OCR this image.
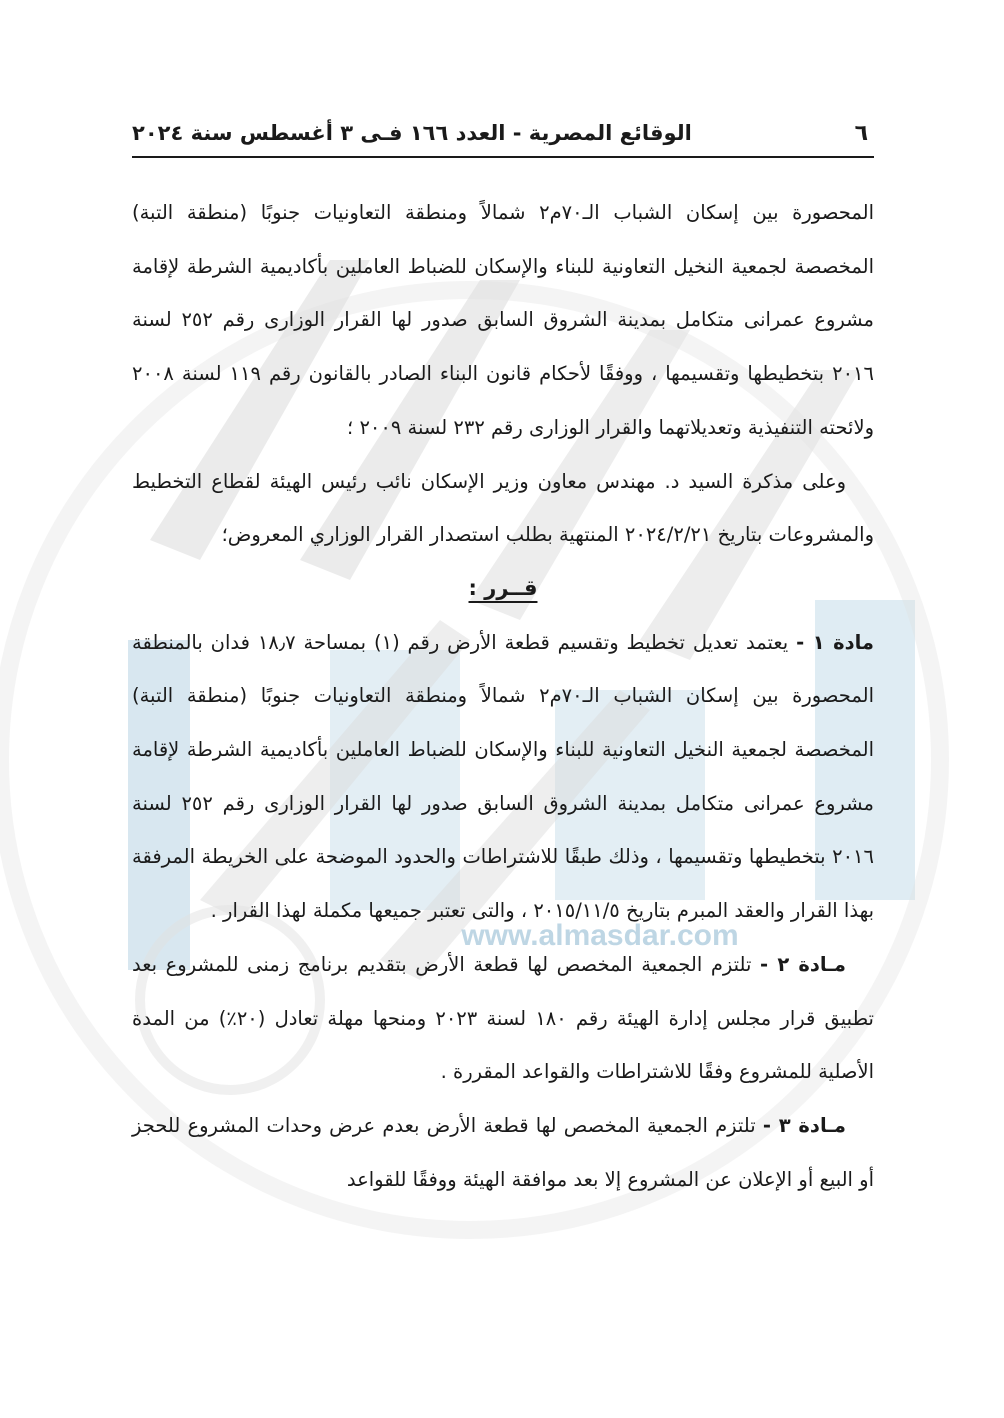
www.almasdar.com
٦
الوقائع المصرية - العدد ١٦٦ فـى ٣ أغسطس سنة ٢٠٢٤

المحصورة بين إسكان الشباب الـ٧٠م٢ شمالاً ومنطقة التعاونيات جنوبًا (منطقة التبة) المخصصة لجمعية النخيل التعاونية للبناء والإسكان للضباط العاملين بأكاديمية الشرطة لإقامة مشروع عمرانى متكامل بمدينة الشروق السابق صدور لها القرار الوزارى رقم ٢٥٢ لسنة ٢٠١٦ بتخطيطها وتقسيمها ، ووفقًا لأحكام قانون البناء الصادر بالقانون رقم ١١٩ لسنة ٢٠٠٨ ولائحته التنفيذية وتعديلاتهما والقرار الوزارى رقم ٢٣٢ لسنة ٢٠٠٩ ؛

وعلى مذكرة السيد د. مهندس معاون وزير الإسكان نائب رئيس الهيئة لقطاع التخطيط والمشروعات بتاريخ ٢٠٢٤/٢/٢١ المنتهية بطلب استصدار القرار الوزاري المعروض؛

قــرر :

مادة ١ - يعتمد تعديل تخطيط وتقسيم قطعة الأرض رقم (١) بمساحة ١٨٫٧ فدان بالمنطقة المحصورة بين إسكان الشباب الـ٧٠م٢ شمالاً ومنطقة التعاونيات جنوبًا (منطقة التبة) المخصصة لجمعية النخيل التعاونية للبناء والإسكان للضباط العاملين بأكاديمية الشرطة لإقامة مشروع عمرانى متكامل بمدينة الشروق السابق صدور لها القرار الوزارى رقم ٢٥٢ لسنة ٢٠١٦ بتخطيطها وتقسيمها ، وذلك طبقًا للاشتراطات والحدود الموضحة على الخريطة المرفقة بهذا القرار والعقد المبرم بتاريخ ٢٠١٥/١١/٥ ، والتى تعتبر جميعها مكملة لهذا القرار .

مـادة ٢ - تلتزم الجمعية المخصص لها قطعة الأرض بتقديم برنامج زمنى للمشروع بعد تطبيق قرار مجلس إدارة الهيئة رقم ١٨٠ لسنة ٢٠٢٣ ومنحها مهلة تعادل (٢٠٪) من المدة الأصلية للمشروع وفقًا للاشتراطات والقواعد المقررة .

مـادة ٣ - تلتزم الجمعية المخصص لها قطعة الأرض بعدم عرض وحدات المشروع للحجز أو البيع أو الإعلان عن المشروع إلا بعد موافقة الهيئة ووفقًا للقواعد
